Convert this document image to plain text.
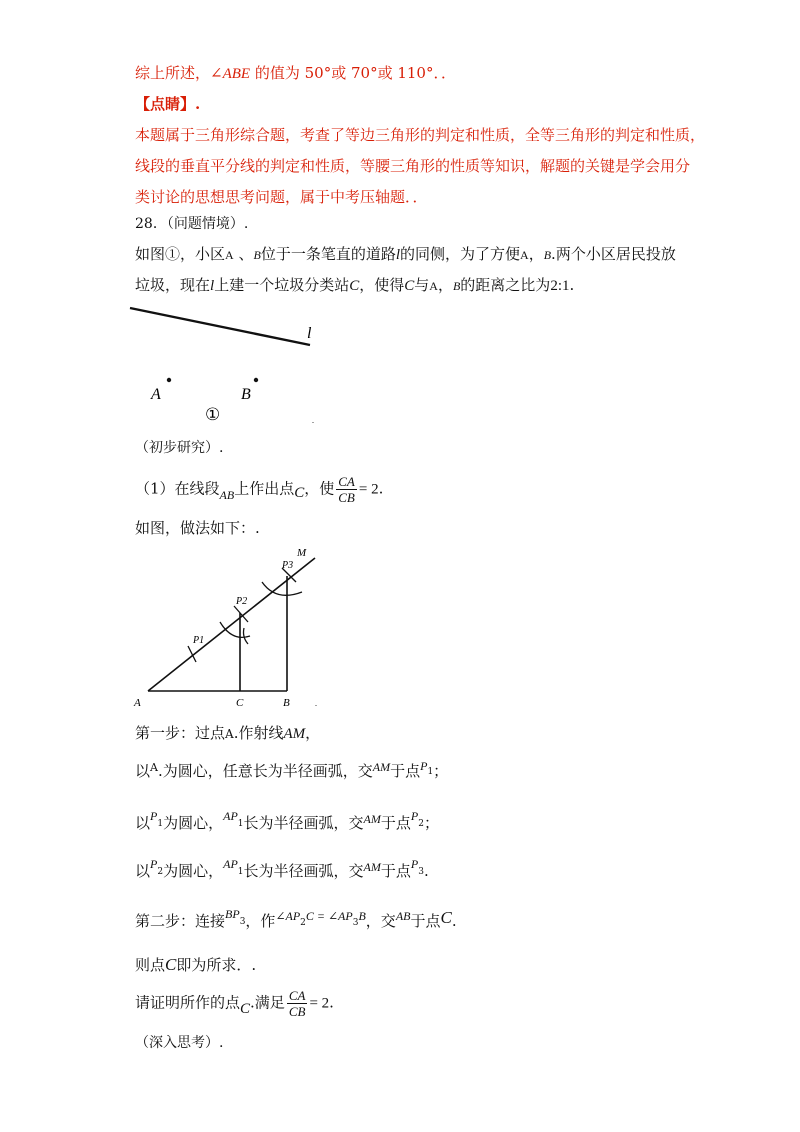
综上所述，∠ABE 的值为 50°或 70°或 110°．．
【点睛】.
本题属于三角形综合题，考查了等边三角形的判定和性质，全等三角形的判定和性质，
线段的垂直平分线的判定和性质，等腰三角形的性质等知识，解题的关键是学会用分
类讨论的思想思考问题，属于中考压轴题．．
28．（问题情境）.
如图①，小区A 、B位于一条笔直的道路l的同侧，为了方便A，B.两个小区居民投放
垃圾，现在l上建一个垃圾分类站C，使得C与A，B的距离之比为2:1.
l
A	B
①	.
（初步研究）.
（1）在线段$_{AB}$上作出点C，使 $\frac{CA}{CB} = 2$.
如图，做法如下：.
M
P1
P2
P3
A	C	B	.
第一步：过点A.作射线AM，
以$^A$.为圆心，任意长为半径画弧，交$^{AM}$于点$^P_1$；
以$^P_1$为圆心，$^{AP}_1$长为半径画弧，交$^{AM}$于点$^P_2$；
以$^P_2$为圆心，$^{AP}_1$长为半径画弧，交$^{AM}$于点$^P_3$.
第二步：连接$^{BP}_3$，作$^{\angle AP}_2^{C = \angle AP}_3^B$，交$^{AB}$于点C.
则点C即为所求．.
请证明所作的点C.满足 $\frac{CA}{CB} = 2$.
（深入思考）.
